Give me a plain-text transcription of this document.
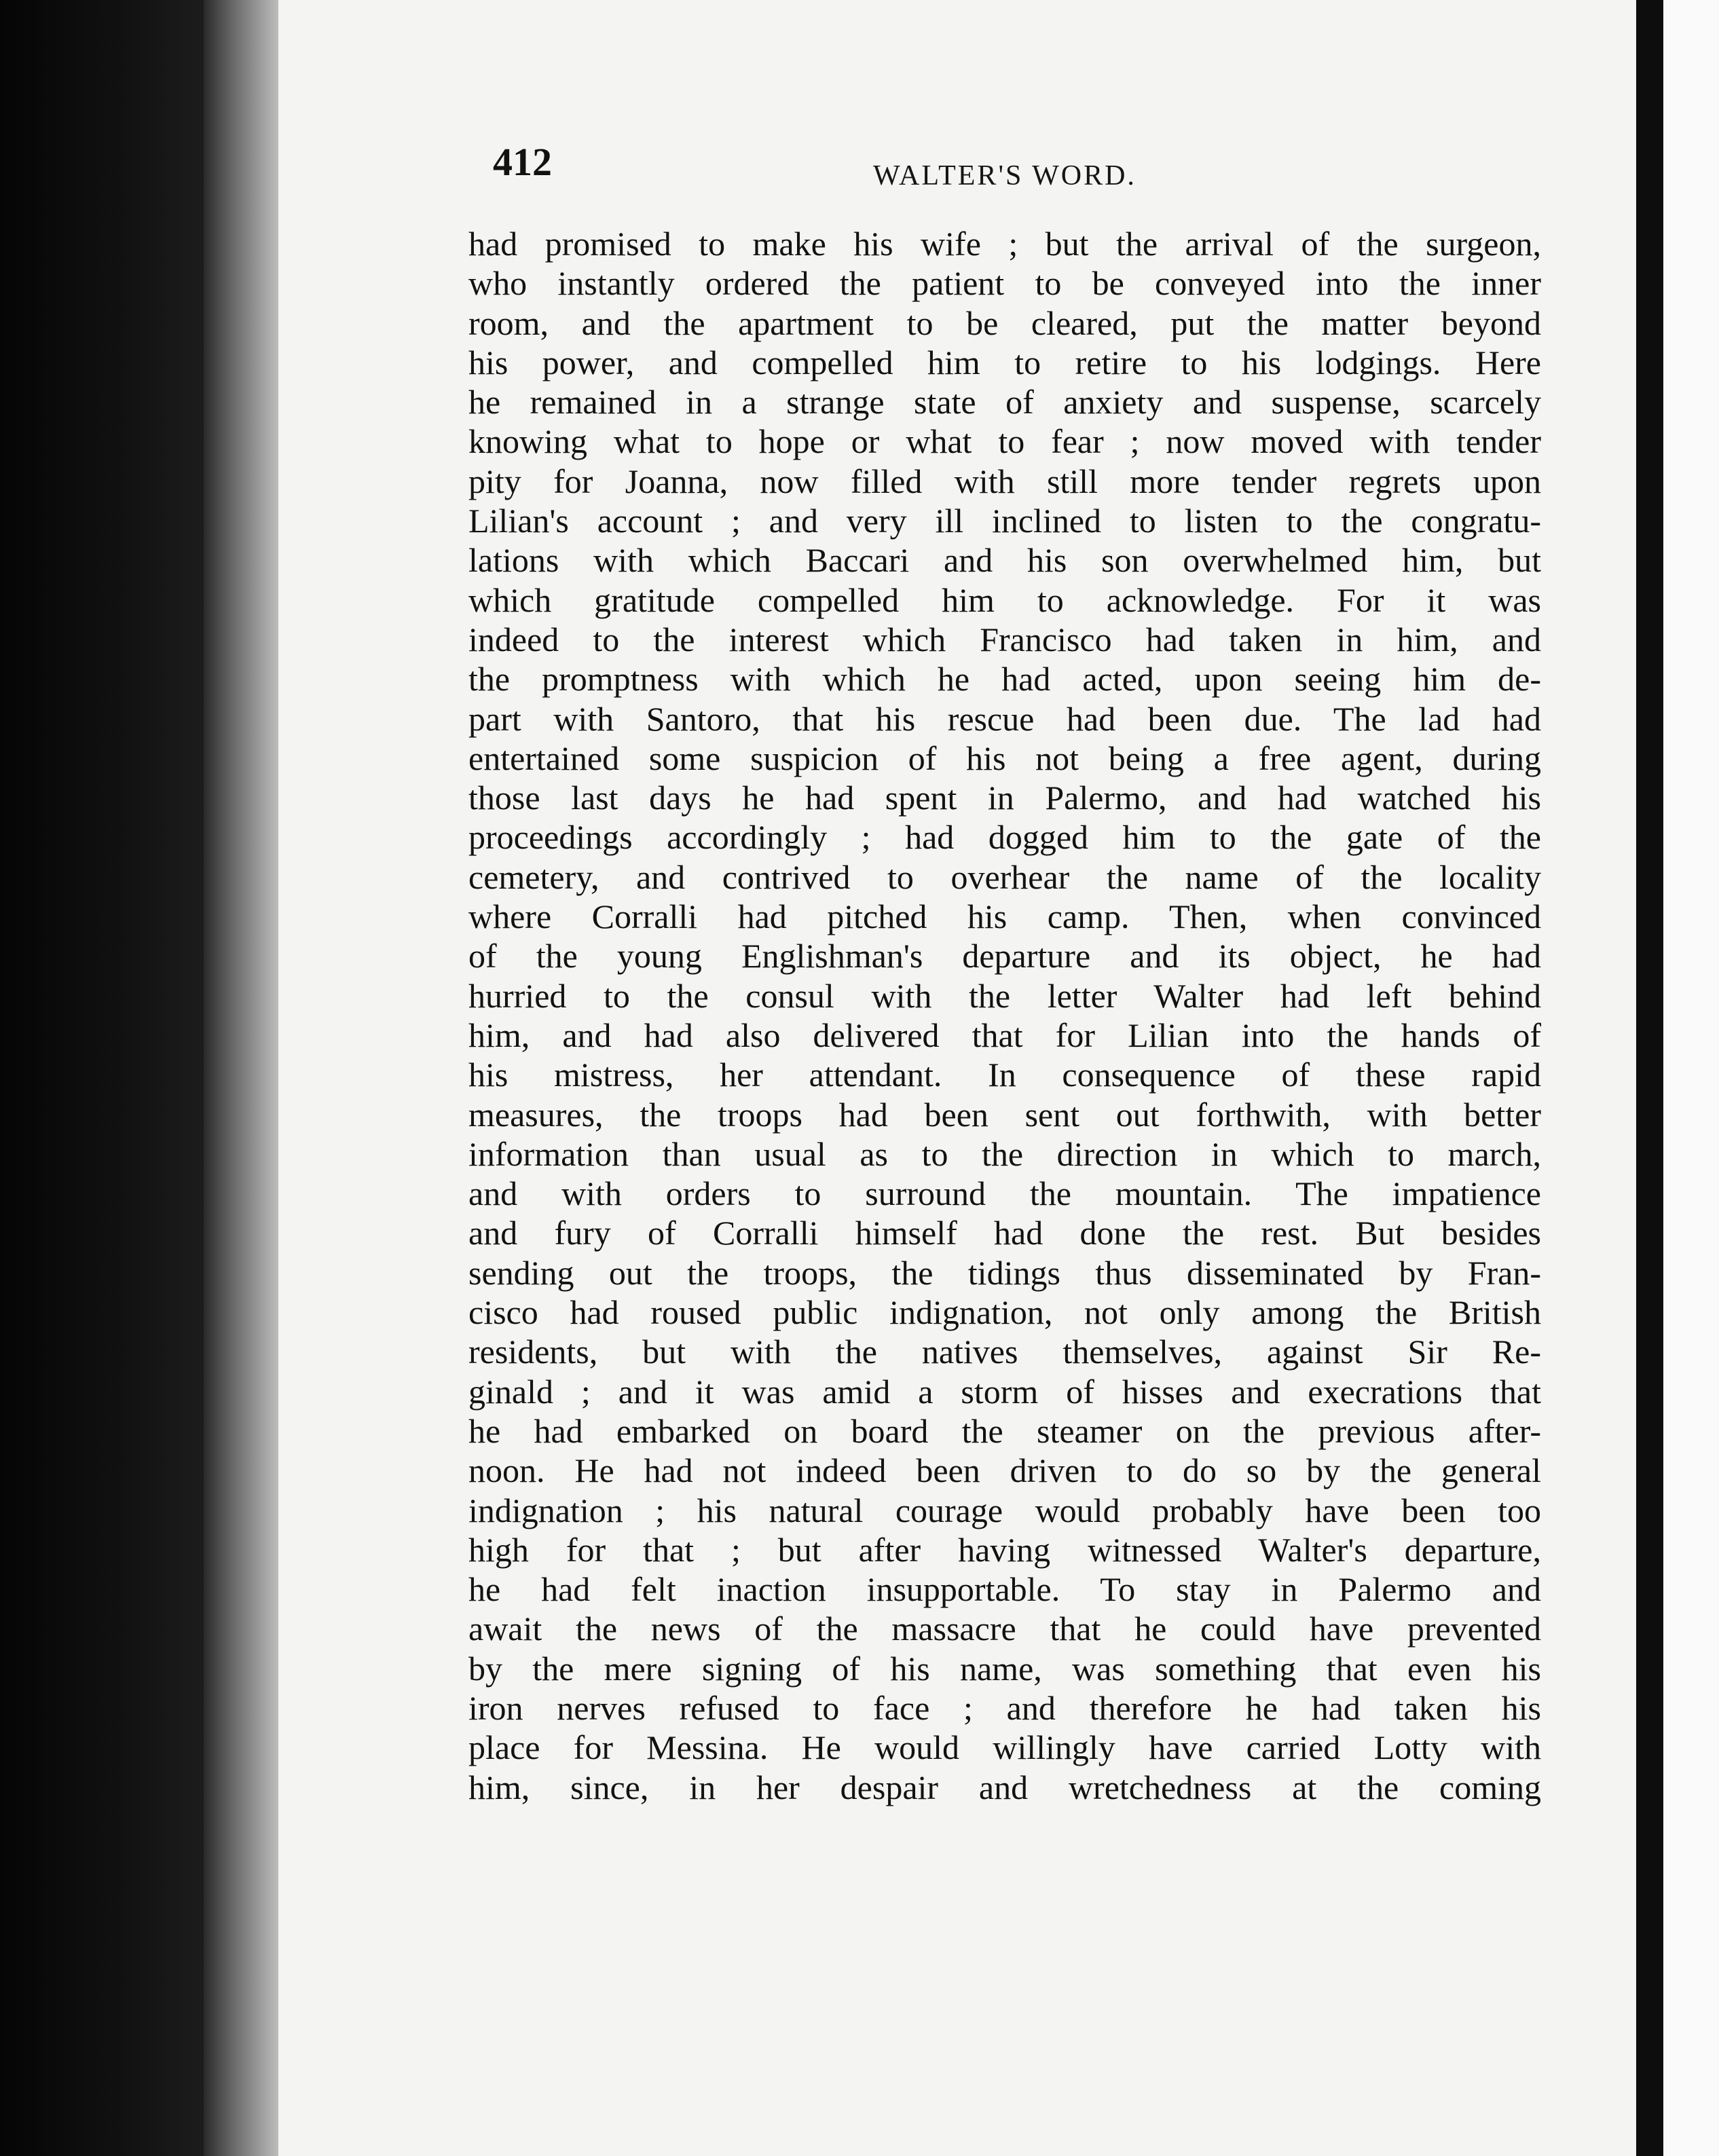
412	WALTER'S WORD.
had promised to make his wife ; but the arrival of the surgeon,
who instantly ordered the patient to be conveyed into the inner
room, and the apartment to be cleared, put the matter beyond
his power, and compelled him to retire to his lodgings. Here
he remained in a strange state of anxiety and suspense, scarcely
knowing what to hope or what to fear ; now moved with tender
pity for Joanna, now filled with still more tender regrets upon
Lilian's account ; and very ill inclined to listen to the congratu-
lations with which Baccari and his son overwhelmed him, but
which gratitude compelled him to acknowledge. For it was
indeed to the interest which Francisco had taken in him, and
the promptness with which he had acted, upon seeing him de-
part with Santoro, that his rescue had been due. The lad had
entertained some suspicion of his not being a free agent, during
those last days he had spent in Palermo, and had watched his
proceedings accordingly ; had dogged him to the gate of the
cemetery, and contrived to overhear the name of the locality
where Corralli had pitched his camp. Then, when convinced
of the young Englishman's departure and its object, he had
hurried to the consul with the letter Walter had left behind
him, and had also delivered that for Lilian into the hands of
his mistress, her attendant. In consequence of these rapid
measures, the troops had been sent out forthwith, with better
information than usual as to the direction in which to march,
and with orders to surround the mountain. The impatience
and fury of Corralli himself had done the rest. But besides
sending out the troops, the tidings thus disseminated by Fran-
cisco had roused public indignation, not only among the British
residents, but with the natives themselves, against Sir Re-
ginald ; and it was amid a storm of hisses and execrations that
he had embarked on board the steamer on the previous after-
noon. He had not indeed been driven to do so by the general
indignation ; his natural courage would probably have been too
high for that ; but after having witnessed Walter's departure,
he had felt inaction insupportable. To stay in Palermo and
await the news of the massacre that he could have prevented
by the mere signing of his name, was something that even his
iron nerves refused to face ; and therefore he had taken his
place for Messina. He would willingly have carried Lotty with
him, since, in her despair and wretchedness at the coming
